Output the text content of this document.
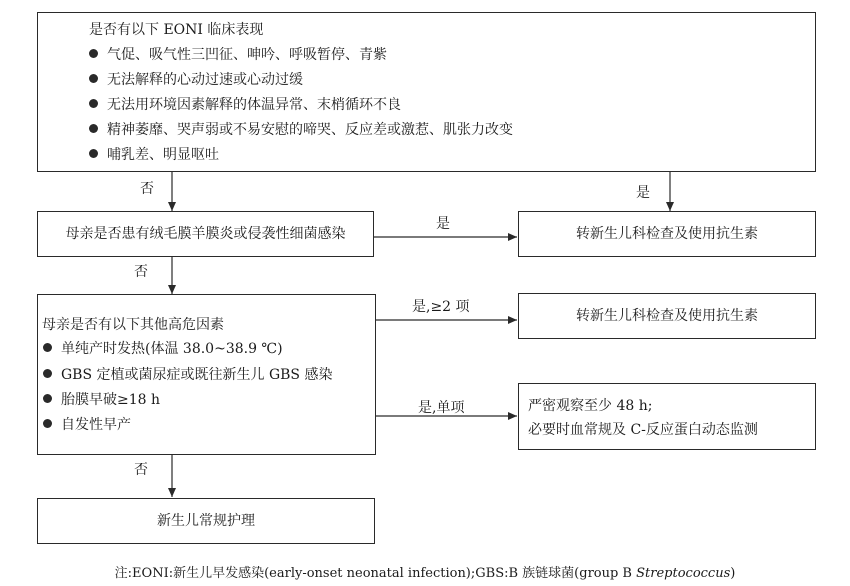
是否有以下 EONI 临床表现
气促、吸气性三凹征、呻吟、呼吸暂停、青紫
无法解释的心动过速或心动过缓
无法用环境因素解释的体温异常、末梢循环不良
精神萎靡、哭声弱或不易安慰的啼哭、反应差或激惹、肌张力改变
哺乳差、明显呕吐
否	是
母亲是否患有绒毛膜羊膜炎或侵袭性细菌感染
是
否
转新生儿科检查及使用抗生素
母亲是否有以下其他高危因素
单纯产时发热(体温 38.0~38.9 ℃)
GBS 定植或菌尿症或既往新生儿 GBS 感染
胎膜早破≥18 h
自发性早产
是,≥2 项
是,单项
否
转新生儿科检查及使用抗生素
严密观察至少 48 h;
必要时血常规及 C-反应蛋白动态监测
新生儿常规护理
注:EONI:新生儿早发感染(early-onset neonatal infection);GBS:B 族链球菌(group B Streptococcus)
